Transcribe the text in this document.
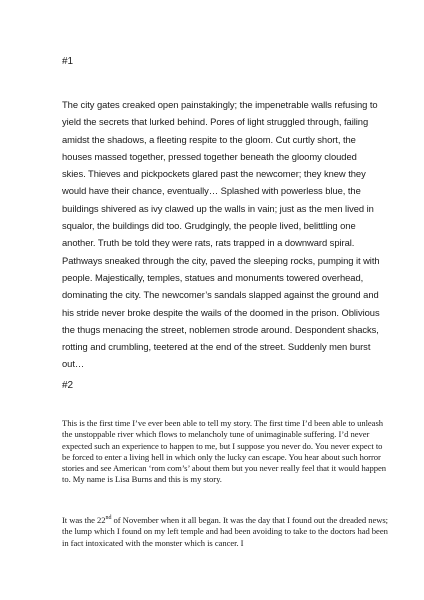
#1

The city gates creaked open painstakingly; the impenetrable walls refusing to yield the secrets that lurked behind. Pores of light struggled through, failing amidst the shadows, a fleeting respite to the gloom. Cut curtly short, the houses massed together, pressed together beneath the gloomy clouded skies. Thieves and pickpockets glared past the newcomer; they knew they would have their chance, eventually… Splashed with powerless blue, the buildings shivered as ivy clawed up the walls in vain; just as the men lived in squalor, the buildings did too. Grudgingly, the people lived, belittling one another. Truth be told they were rats, rats trapped in a downward spiral. Pathways sneaked through the city, paved the sleeping rocks, pumping it with people. Majestically, temples, statues and monuments towered overhead, dominating the city. The newcomer’s sandals slapped against the ground and his stride never broke despite the wails of the doomed in the prison. Oblivious the thugs menacing the street, noblemen strode around. Despondent shacks, rotting and crumbling, teetered at the end of the street. Suddenly men burst out…

#2

This is the first time I’ve ever been able to tell my story. The first time I’d been able to unleash the unstoppable river which flows to melancholy tune of unimaginable suffering. I’d never expected such an experience to happen to me, but I suppose you never do. You never expect to be forced to enter a living hell in which only the lucky can escape. You hear about such horror stories and see American ‘rom com’s’ about them but you never really feel that it would happen to. My name is Lisa Burns and this is my story.

It was the 22nd of November when it all began. It was the day that I found out the dreaded news; the lump which I found on my left temple and had been avoiding to take to the doctors had been in fact intoxicated with the monster which is cancer. I
